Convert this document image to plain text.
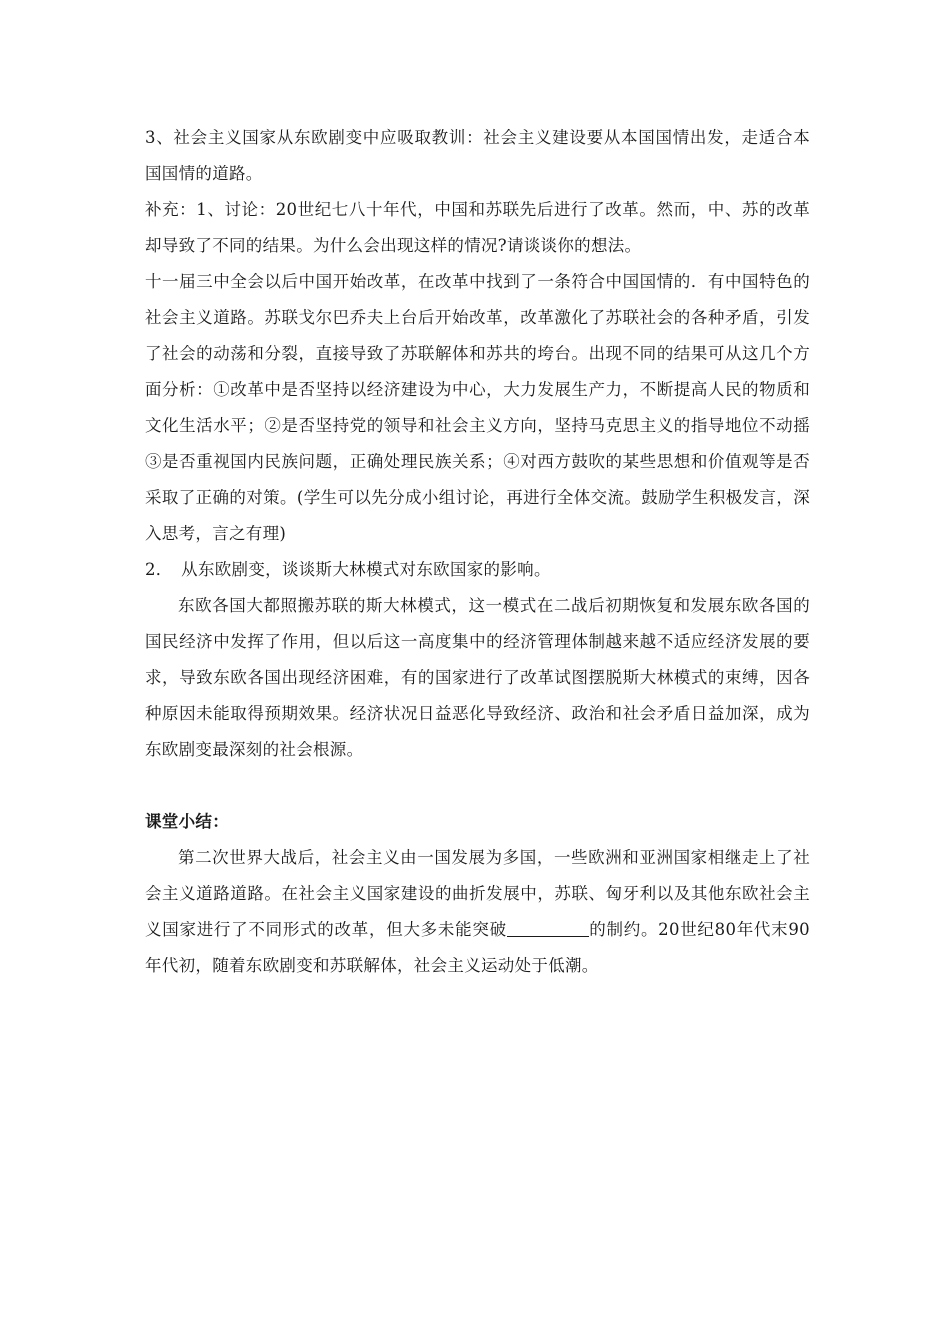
3、社会主义国家从东欧剧变中应吸取教训：社会主义建设要从本国国情出发，走适合本国国情的道路。

补充：1、讨论：20世纪七八十年代，中国和苏联先后进行了改革。然而，中、苏的改革却导致了不同的结果。为什么会出现这样的情况?请谈谈你的想法。

十一届三中全会以后中国开始改革，在改革中找到了一条符合中国国情的．有中国特色的社会主义道路。苏联戈尔巴乔夫上台后开始改革，改革激化了苏联社会的各种矛盾，引发了社会的动荡和分裂，直接导致了苏联解体和苏共的垮台。出现不同的结果可从这几个方面分析：①改革中是否坚持以经济建设为中心，大力发展生产力，不断提高人民的物质和文化生活水平；②是否坚持党的领导和社会主义方向，坚持马克思主义的指导地位不动摇③是否重视国内民族问题，正确处理民族关系；④对西方鼓吹的某些思想和价值观等是否采取了正确的对策。(学生可以先分成小组讨论，再进行全体交流。鼓励学生积极发言，深入思考，言之有理)

2．　从东欧剧变，谈谈斯大林模式对东欧国家的影响。

东欧各国大都照搬苏联的斯大林模式，这一模式在二战后初期恢复和发展东欧各国的国民经济中发挥了作用，但以后这一高度集中的经济管理体制越来越不适应经济发展的要求，导致东欧各国出现经济困难，有的国家进行了改革试图摆脱斯大林模式的束缚，因各种原因未能取得预期效果。经济状况日益恶化导致经济、政治和社会矛盾日益加深，成为东欧剧变最深刻的社会根源。

课堂小结：

第二次世界大战后，社会主义由一国发展为多国，一些欧洲和亚洲国家相继走上了社会主义道路道路。在社会主义国家建设的曲折发展中，苏联、匈牙利以及其他东欧社会主义国家进行了不同形式的改革，但大多未能突破	的制约。20世纪80年代末90年代初，随着东欧剧变和苏联解体，社会主义运动处于低潮。
